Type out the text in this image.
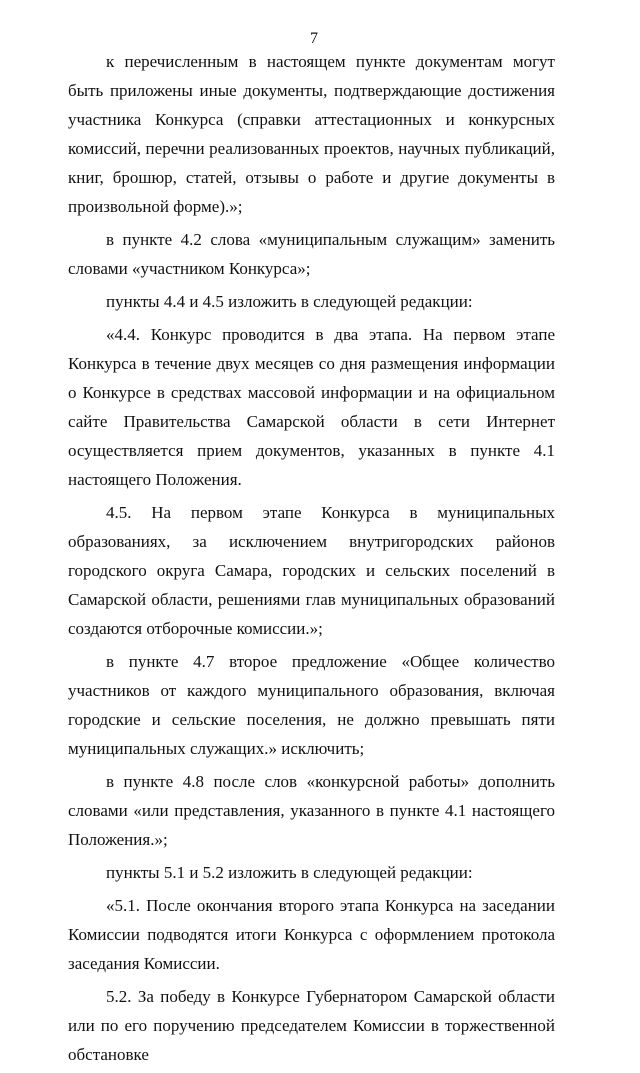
7

к перечисленным в настоящем пункте документам могут быть приложены иные документы, подтверждающие достижения участника Конкурса (справки аттестационных и конкурсных комиссий, перечни реализованных проектов, научных публикаций, книг, брошюр, статей, отзывы о работе и другие документы в произвольной форме).»;

в пункте 4.2 слова «муниципальным служащим» заменить словами «участником Конкурса»;

пункты 4.4 и 4.5 изложить в следующей редакции:

«4.4. Конкурс проводится в два этапа. На первом этапе Конкурса в течение двух месяцев со дня размещения информации о Конкурсе в средствах массовой информации и на официальном сайте Правительства Самарской области в сети Интернет осуществляется прием документов, указанных в пункте 4.1 настоящего Положения.

4.5. На первом этапе Конкурса в муниципальных образованиях, за исключением внутригородских районов городского округа Самара, городских и сельских поселений в Самарской области, решениями глав муниципальных образований создаются отборочные комиссии.»;

в пункте 4.7 второе предложение «Общее количество участников от каждого муниципального образования, включая городские и сельские поселения, не должно превышать пяти муниципальных служащих.» исключить;

в пункте 4.8 после слов «конкурсной работы» дополнить словами «или представления, указанного в пункте 4.1 настоящего Положения.»;

пункты 5.1 и 5.2 изложить в следующей редакции:

«5.1. После окончания второго этапа Конкурса на заседании Комиссии подводятся итоги Конкурса с оформлением протокола заседания Комиссии.

5.2. За победу в Конкурсе Губернатором Самарской области или по его поручению председателем Комиссии в торжественной обстановке
